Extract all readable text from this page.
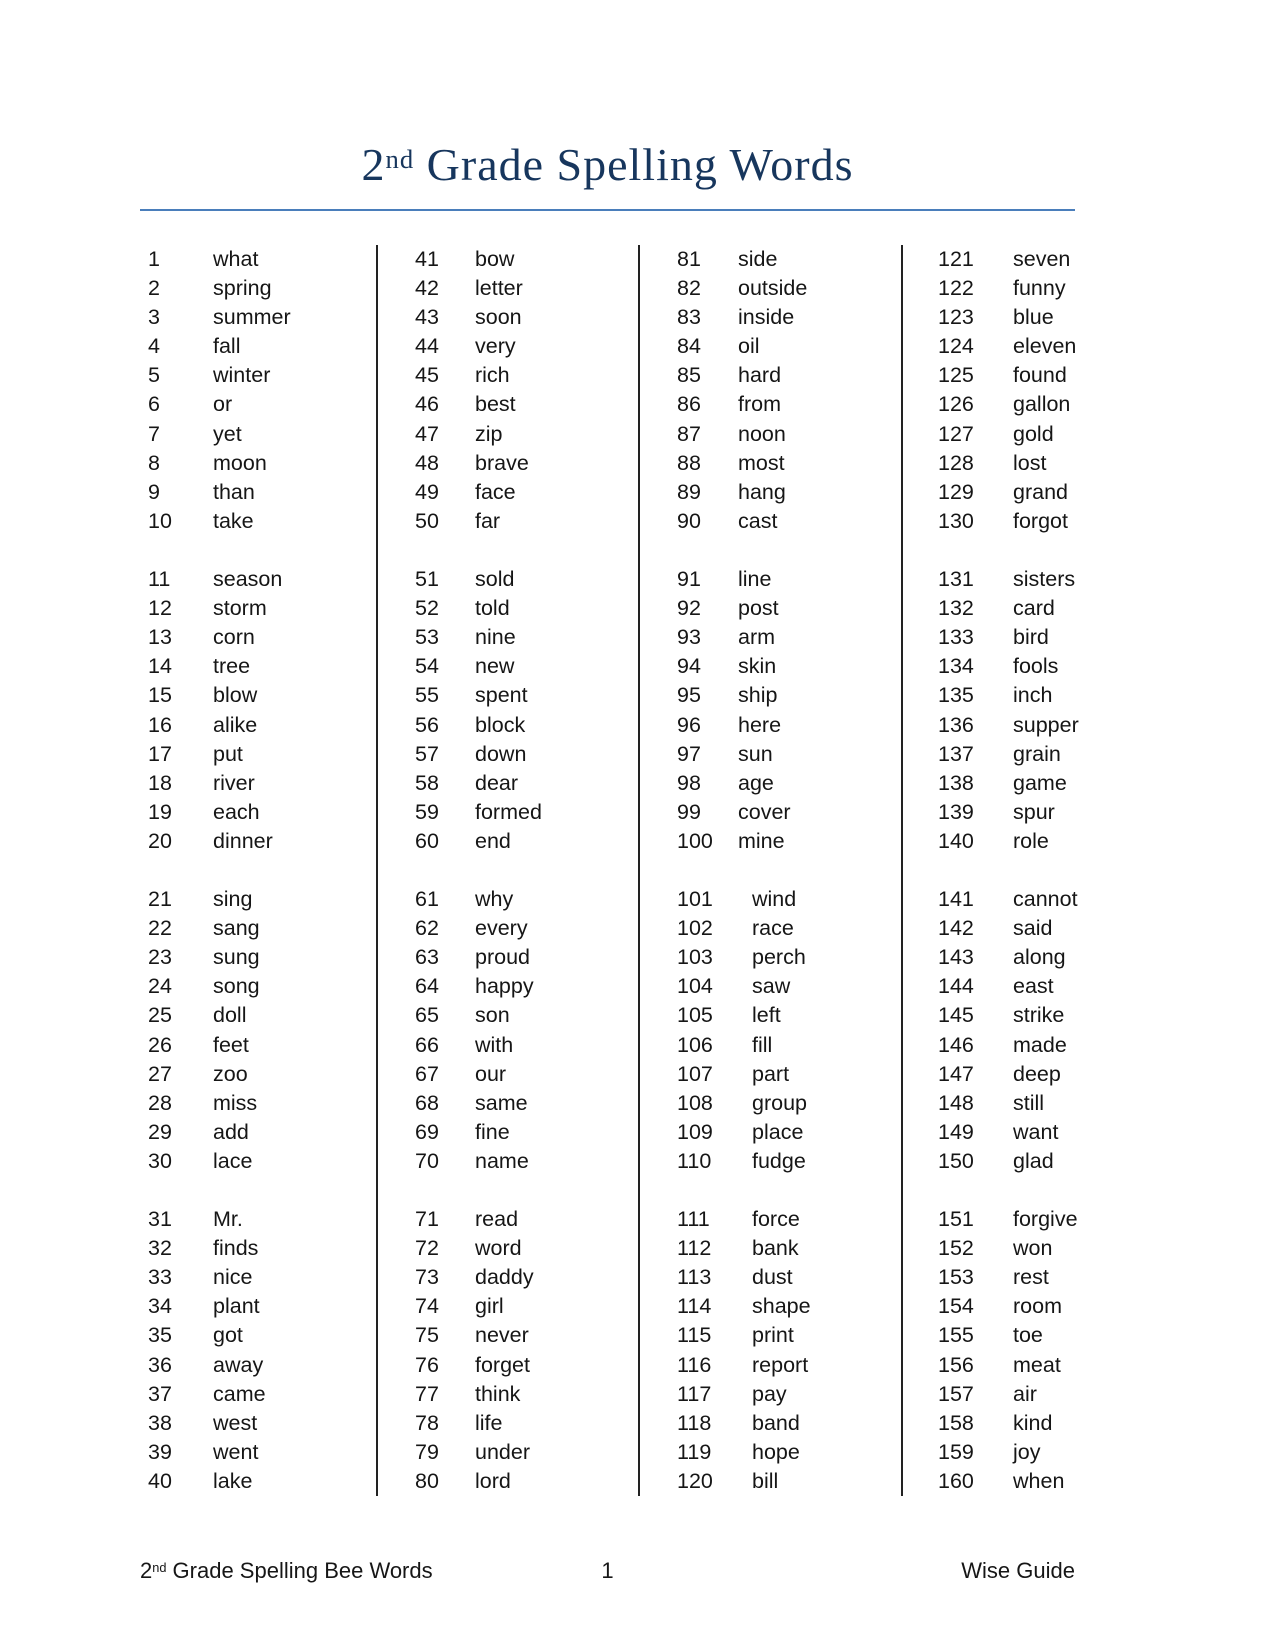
2nd Grade Spelling Words
1 what
2 spring
3 summer
4 fall
5 winter
6 or
7 yet
8 moon
9 than
10 take
11 season
12 storm
13 corn
14 tree
15 blow
16 alike
17 put
18 river
19 each
20 dinner
21 sing
22 sang
23 sung
24 song
25 doll
26 feet
27 zoo
28 miss
29 add
30 lace
31 Mr.
32 finds
33 nice
34 plant
35 got
36 away
37 came
38 west
39 went
40 lake
41 bow
42 letter
43 soon
44 very
45 rich
46 best
47 zip
48 brave
49 face
50 far
51 sold
52 told
53 nine
54 new
55 spent
56 block
57 down
58 dear
59 formed
60 end
61 why
62 every
63 proud
64 happy
65 son
66 with
67 our
68 same
69 fine
70 name
71 read
72 word
73 daddy
74 girl
75 never
76 forget
77 think
78 life
79 under
80 lord
81 side
82 outside
83 inside
84 oil
85 hard
86 from
87 noon
88 most
89 hang
90 cast
91 line
92 post
93 arm
94 skin
95 ship
96 here
97 sun
98 age
99 cover
100 mine
101 wind
102 race
103 perch
104 saw
105 left
106 fill
107 part
108 group
109 place
110 fudge
111 force
112 bank
113 dust
114 shape
115 print
116 report
117 pay
118 band
119 hope
120 bill
121 seven
122 funny
123 blue
124 eleven
125 found
126 gallon
127 gold
128 lost
129 grand
130 forgot
131 sisters
132 card
133 bird
134 fools
135 inch
136 supper
137 grain
138 game
139 spur
140 role
141 cannot
142 said
143 along
144 east
145 strike
146 made
147 deep
148 still
149 want
150 glad
151 forgive
152 won
153 rest
154 room
155 toe
156 meat
157 air
158 kind
159 joy
160 when
2nd Grade Spelling Bee Words	1	Wise Guide
